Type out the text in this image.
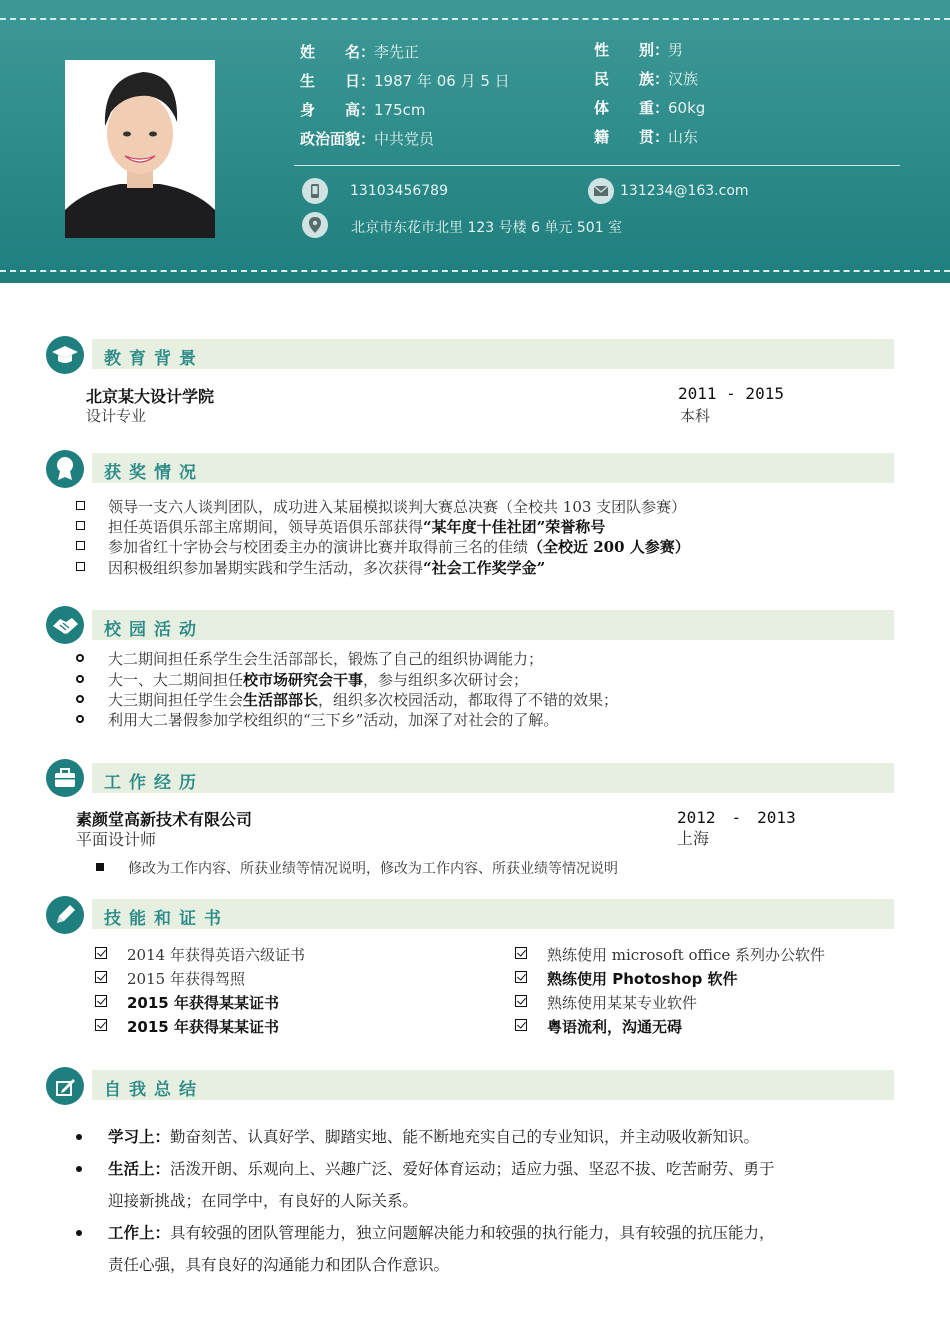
姓　　名：李先正
生　　日：1987 年 06 月 5 日
身　　高：175cm
政治面貌：中共党员
性　　别：男
民　　族：汉族
体　　重：60kg
籍　　贯：山东
13103456789	131234@163.com
北京市东花市北里 123 号楼 6 单元 501 室
教育背景
北京某大设计学院
设计专业
2011 - 2015
本科
获奖情况
领导一支六人谈判团队，成功进入某届模拟谈判大赛总决赛（全校共 103 支团队参赛）
担任英语俱乐部主席期间，领导英语俱乐部获得“某年度十佳社团”荣誉称号
参加省红十字协会与校团委主办的演讲比赛并取得前三名的佳绩（全校近 200 人参赛）
因积极组织参加暑期实践和学生活动，多次获得“社会工作奖学金”
校园活动
大二期间担任系学生会生活部部长，锻炼了自己的组织协调能力；
大一、大二期间担任校市场研究会干事，参与组织多次研讨会；
大三期间担任学生会生活部部长，组织多次校园活动，都取得了不错的效果；
利用大二暑假参加学校组织的“三下乡”活动，加深了对社会的了解。
工作经历
素颜堂高新技术有限公司
平面设计师
2012　-　2013
上海
修改为工作内容、所获业绩等情况说明，修改为工作内容、所获业绩等情况说明
技能和证书
2014 年获得英语六级证书
2015 年获得驾照
2015 年获得某某证书
2015 年获得某某证书
熟练使用 microsoft office 系列办公软件
熟练使用 Photoshop 软件
熟练使用某某专业软件
粤语流利，沟通无碍
自我总结
学习上：勤奋刻苦、认真好学、脚踏实地、能不断地充实自己的专业知识，并主动吸收新知识。
生活上：活泼开朗、乐观向上、兴趣广泛、爱好体育运动；适应力强、坚忍不拔、吃苦耐劳、勇于
迎接新挑战；在同学中，有良好的人际关系。
工作上：具有较强的团队管理能力，独立问题解决能力和较强的执行能力，具有较强的抗压能力，
责任心强，具有良好的沟通能力和团队合作意识。
